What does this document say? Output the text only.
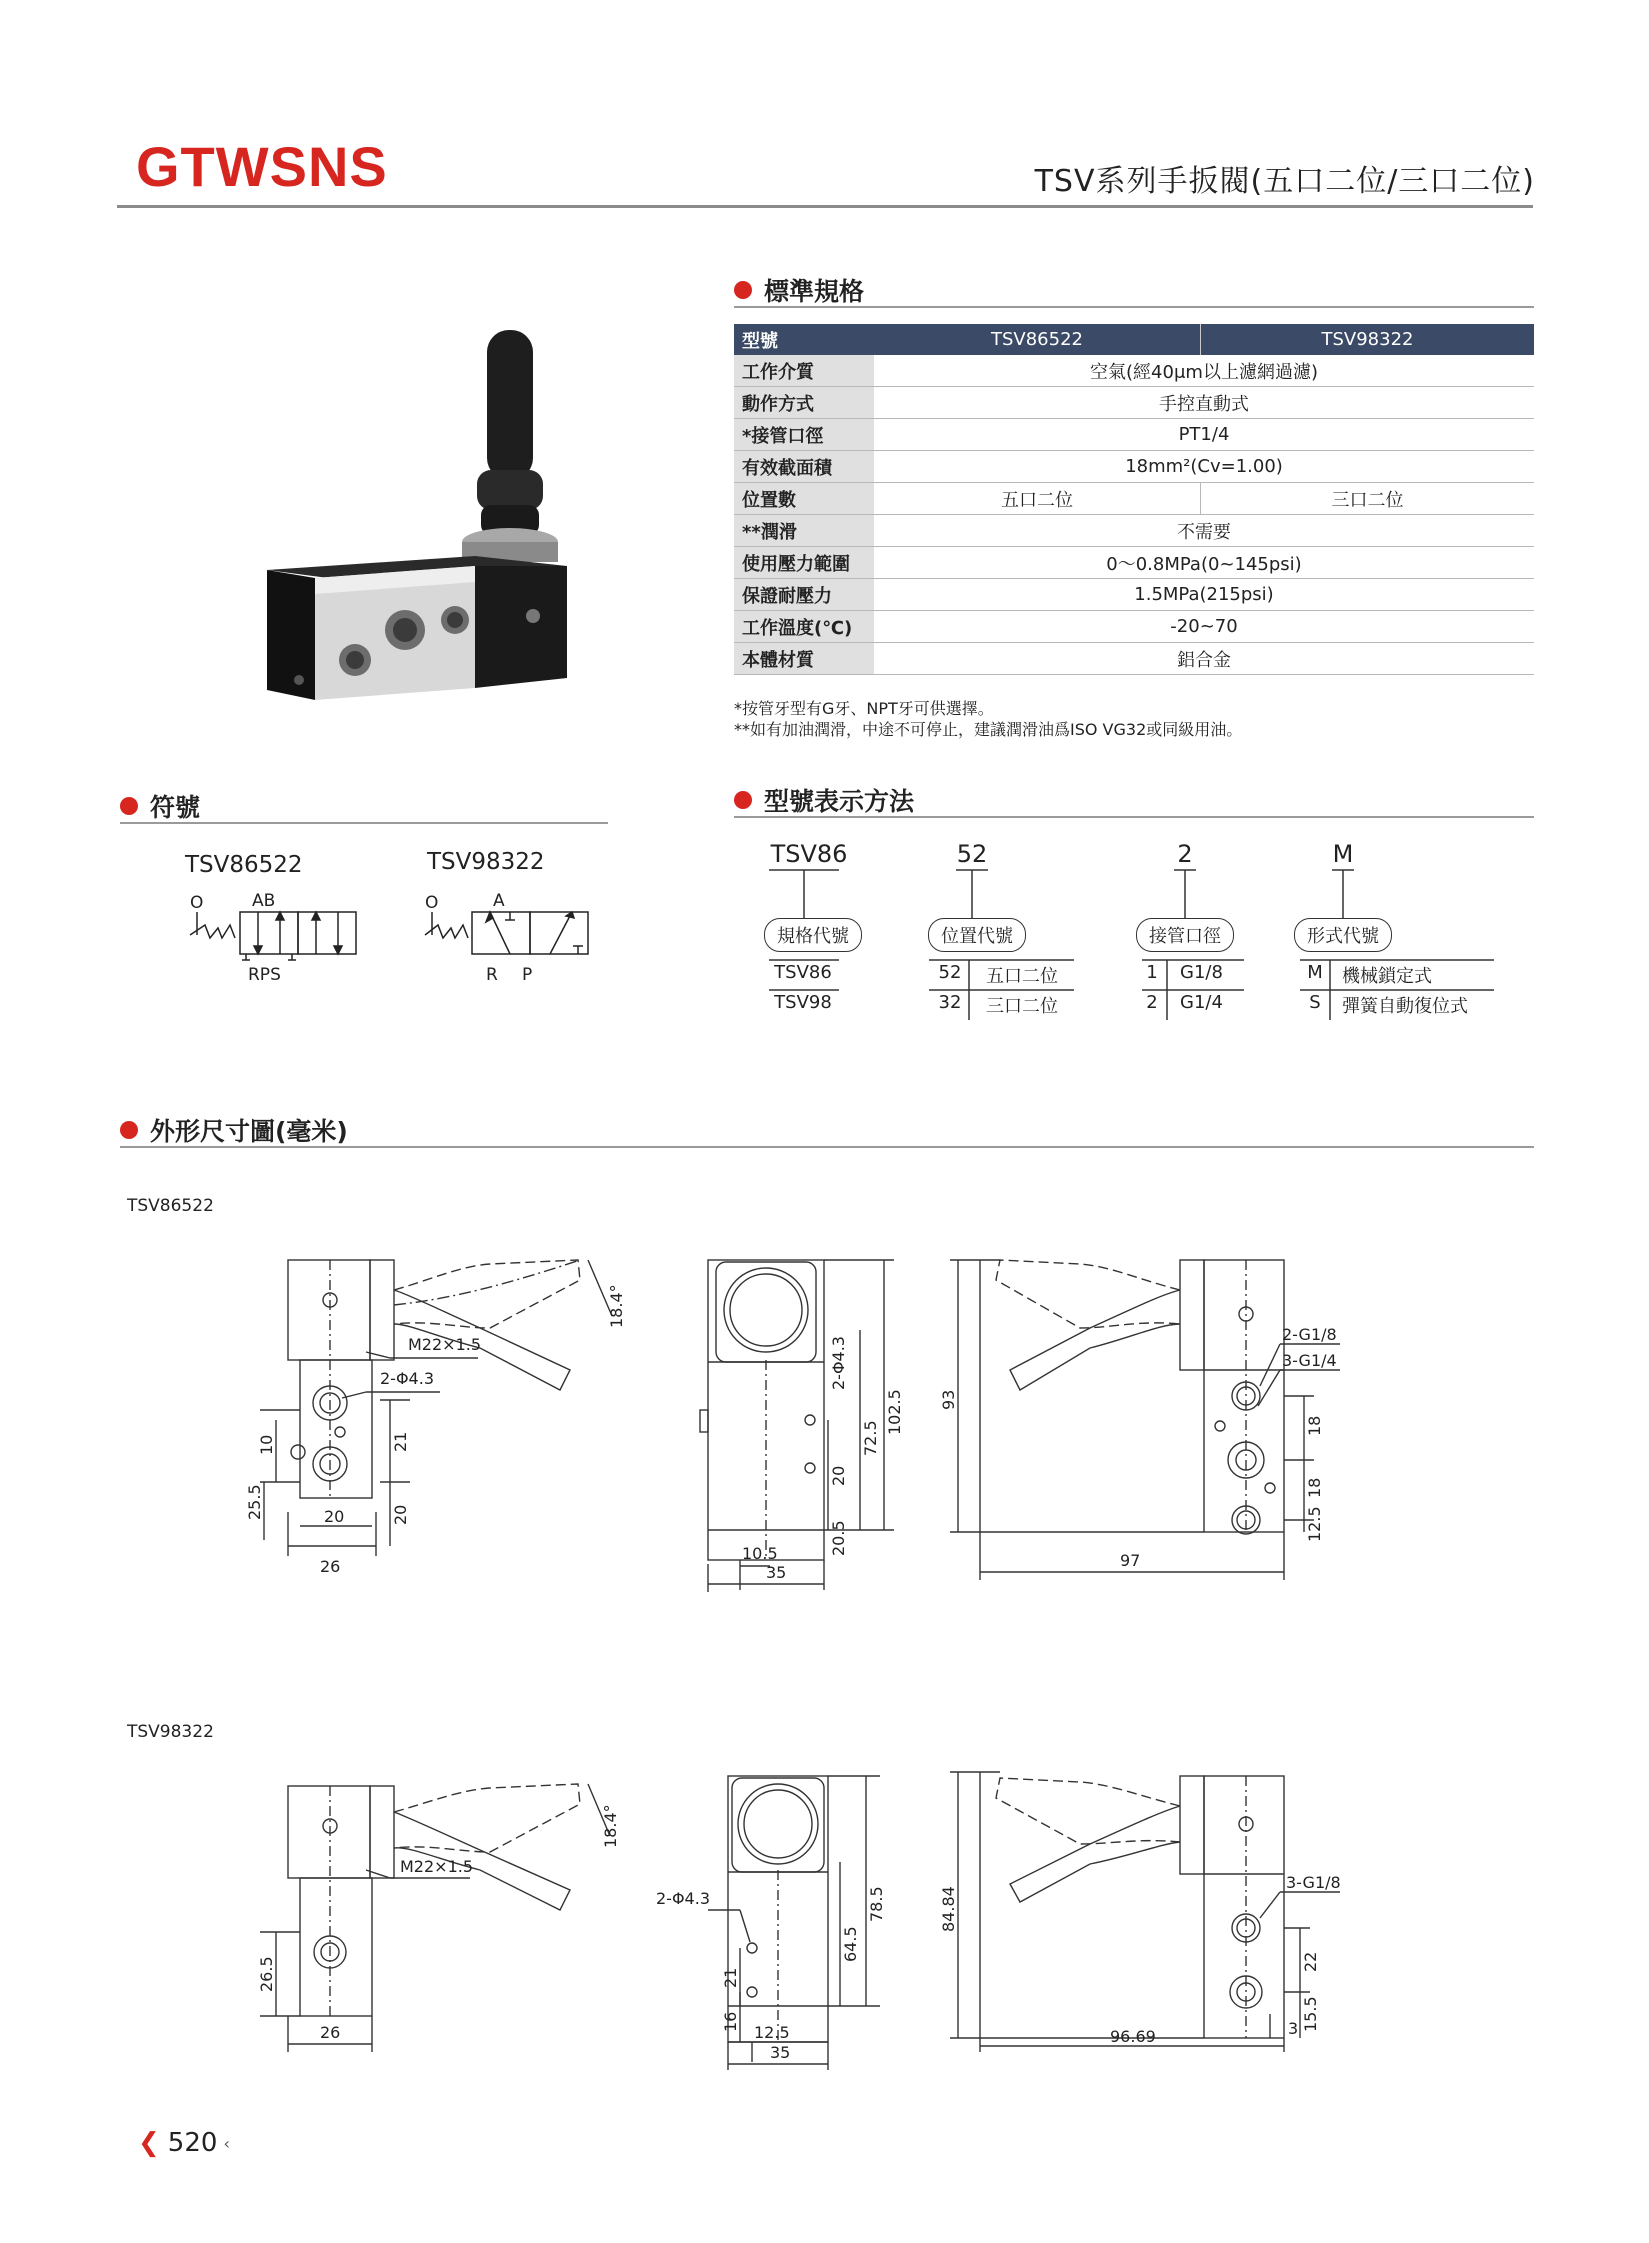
GTWSNS	TSV系列手扳閥(五口二位/三口二位)
標準規格
型號	TSV86522	TSV98322
工作介質	空氣(經40μm以上濾網過濾)	
動作方式	手控直動式	
*接管口徑	PT1/4	
有效截面積	18mm²(Cv=1.00)	
位置數	五口二位	三口二位
**潤滑	不需要	
使用壓力範圍	0～0.8MPa(0~145psi)	
保證耐壓力	1.5MPa(215psi)	
工作溫度(℃)	-20~70	
本體材質	鋁合金	
*按管牙型有G牙、NPT牙可供選擇。
**如有加油潤滑，中途不可停止，建議潤滑油爲ISO VG32或同級用油。
符號
TSV86522	TSV98322
O	AB
RPS
O	A
R P
型號表示方法
TSV86	52	2	M
規格代號	位置代號	接管口徑	形式代號
TSV86
TSV98
52	五口二位
32	三口二位
1 G1/8
2 G1/4
M 機械鎖定式
S 彈簧自動復位式
外形尺寸圖(毫米)
TSV86522
TSV98322
M22×1.5
2-Φ4.3
18.4°
10
25.5
21
20
20
26
2-Φ4.3
20
72.5
102.5
20.5
10.5
35
2-G1/8
3-G1/4
93
18
18
12.5
97
M22×1.5
18.4°
26.5
26
2-Φ4.3
21
16
64.5
78.5
12.5
35
3-G1/8
84.84
22
15.5
3
96.69
❮ 520 ‹
